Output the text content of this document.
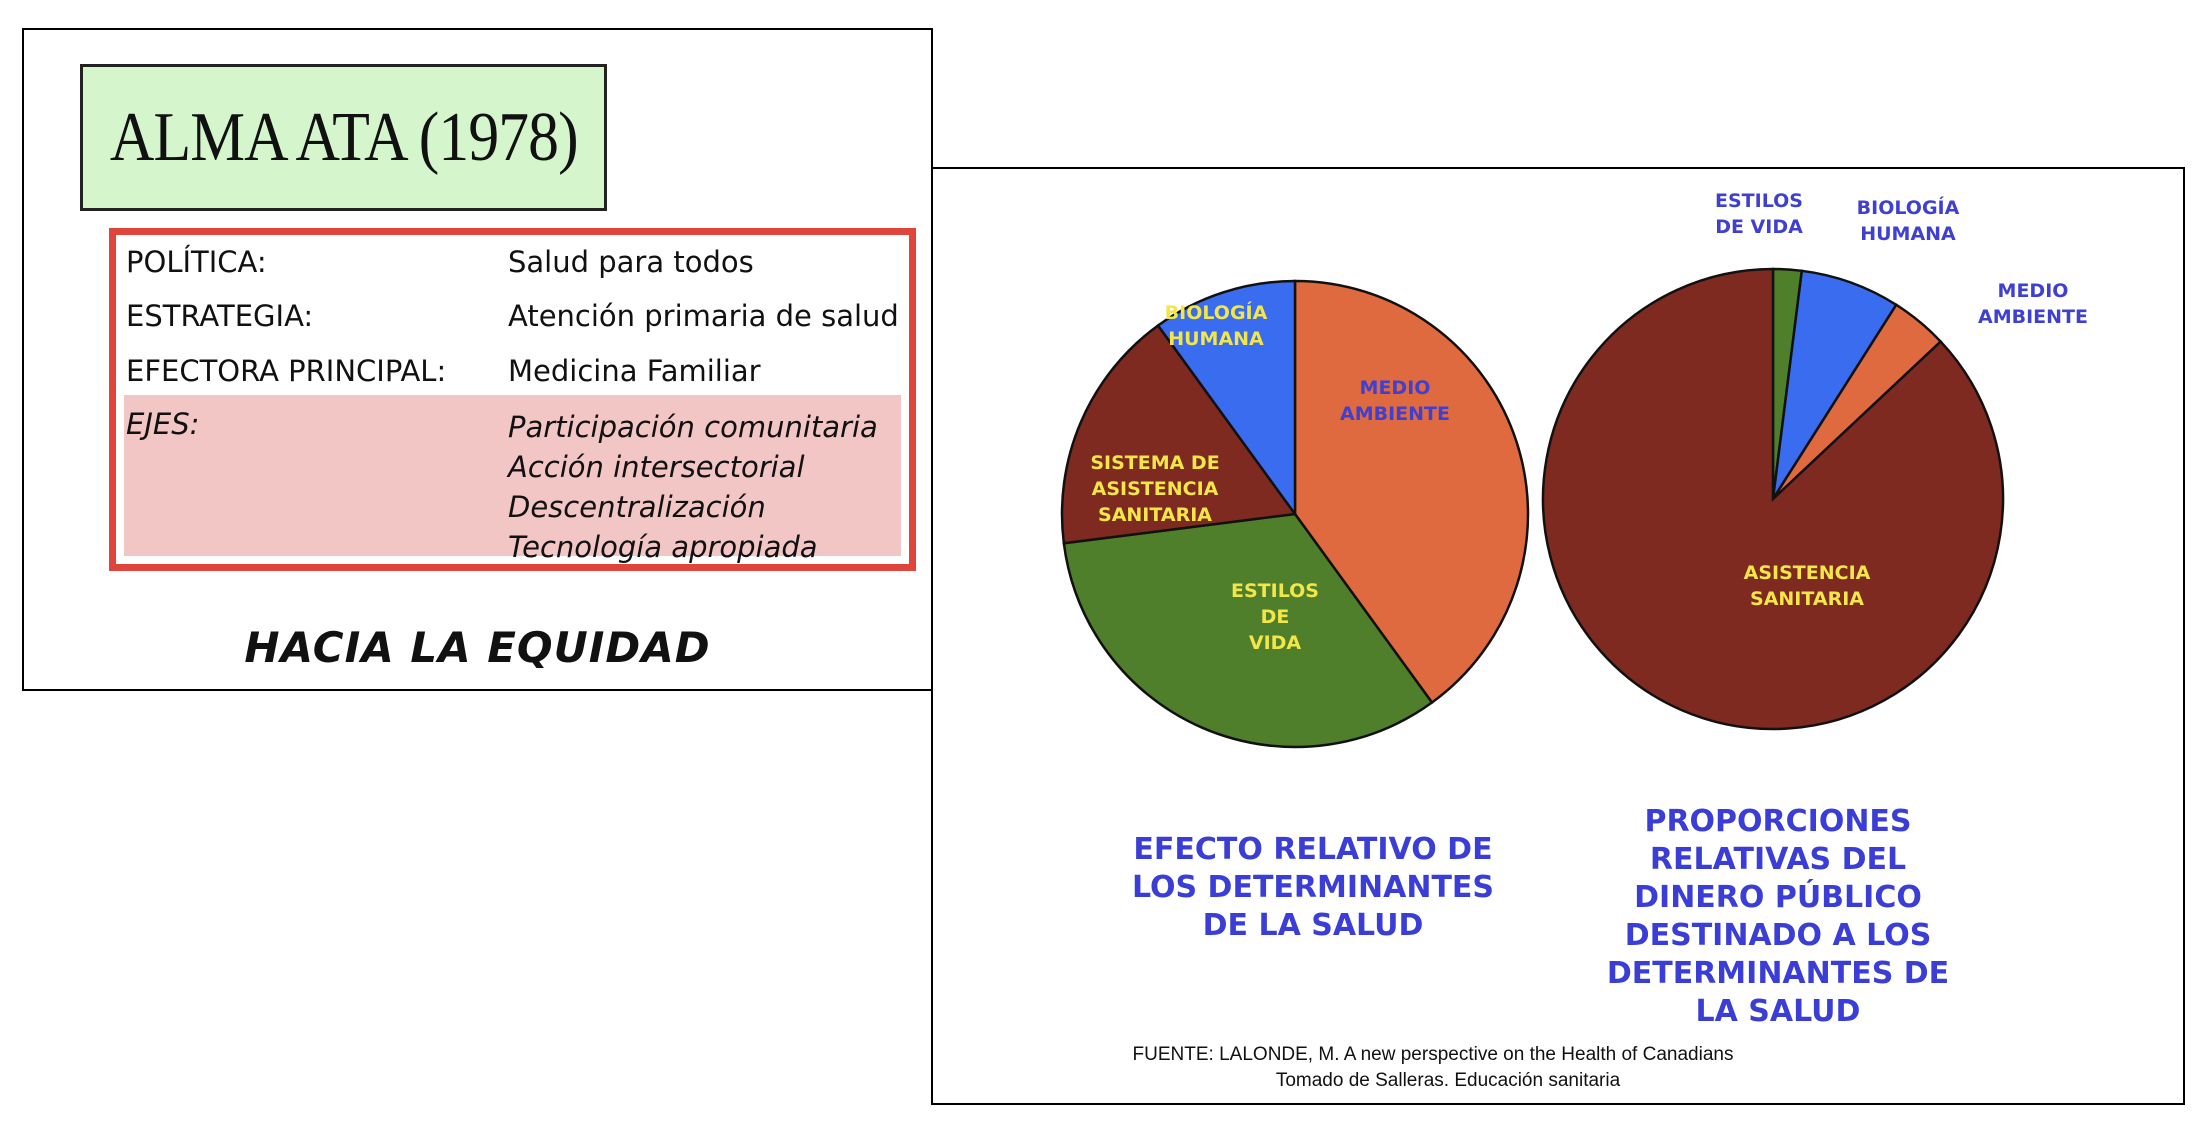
ALMA ATA (1978)
POLÍTICA:	Salud para todos
ESTRATEGIA:	Atención primaria de salud
EFECTORA PRINCIPAL: Medicina Familiar
EJES:	Participación comunitaria
Acción intersectorial
Descentralización
Tecnología apropiada
HACIA LA EQUIDAD
MEDIO AMBIENTE
ESTILOS DE VIDA
SISTEMA DE ASISTENCIA SANITARIA
BIOLOGÍA HUMANA
ESTILOS DE VIDA
BIOLOGÍA HUMANA
MEDIO AMBIENTE
ASISTENCIA SANITARIA
EFECTO RELATIVO DE
LOS DETERMINANTES
DE LA SALUD
PROPORCIONES
RELATIVAS DEL
DINERO PÚBLICO
DESTINADO A LOS
DETERMINANTES DE
LA SALUD
FUENTE: LALONDE, M. A new perspective on the Health of Canadians
Tomado de Salleras. Educación sanitaria
